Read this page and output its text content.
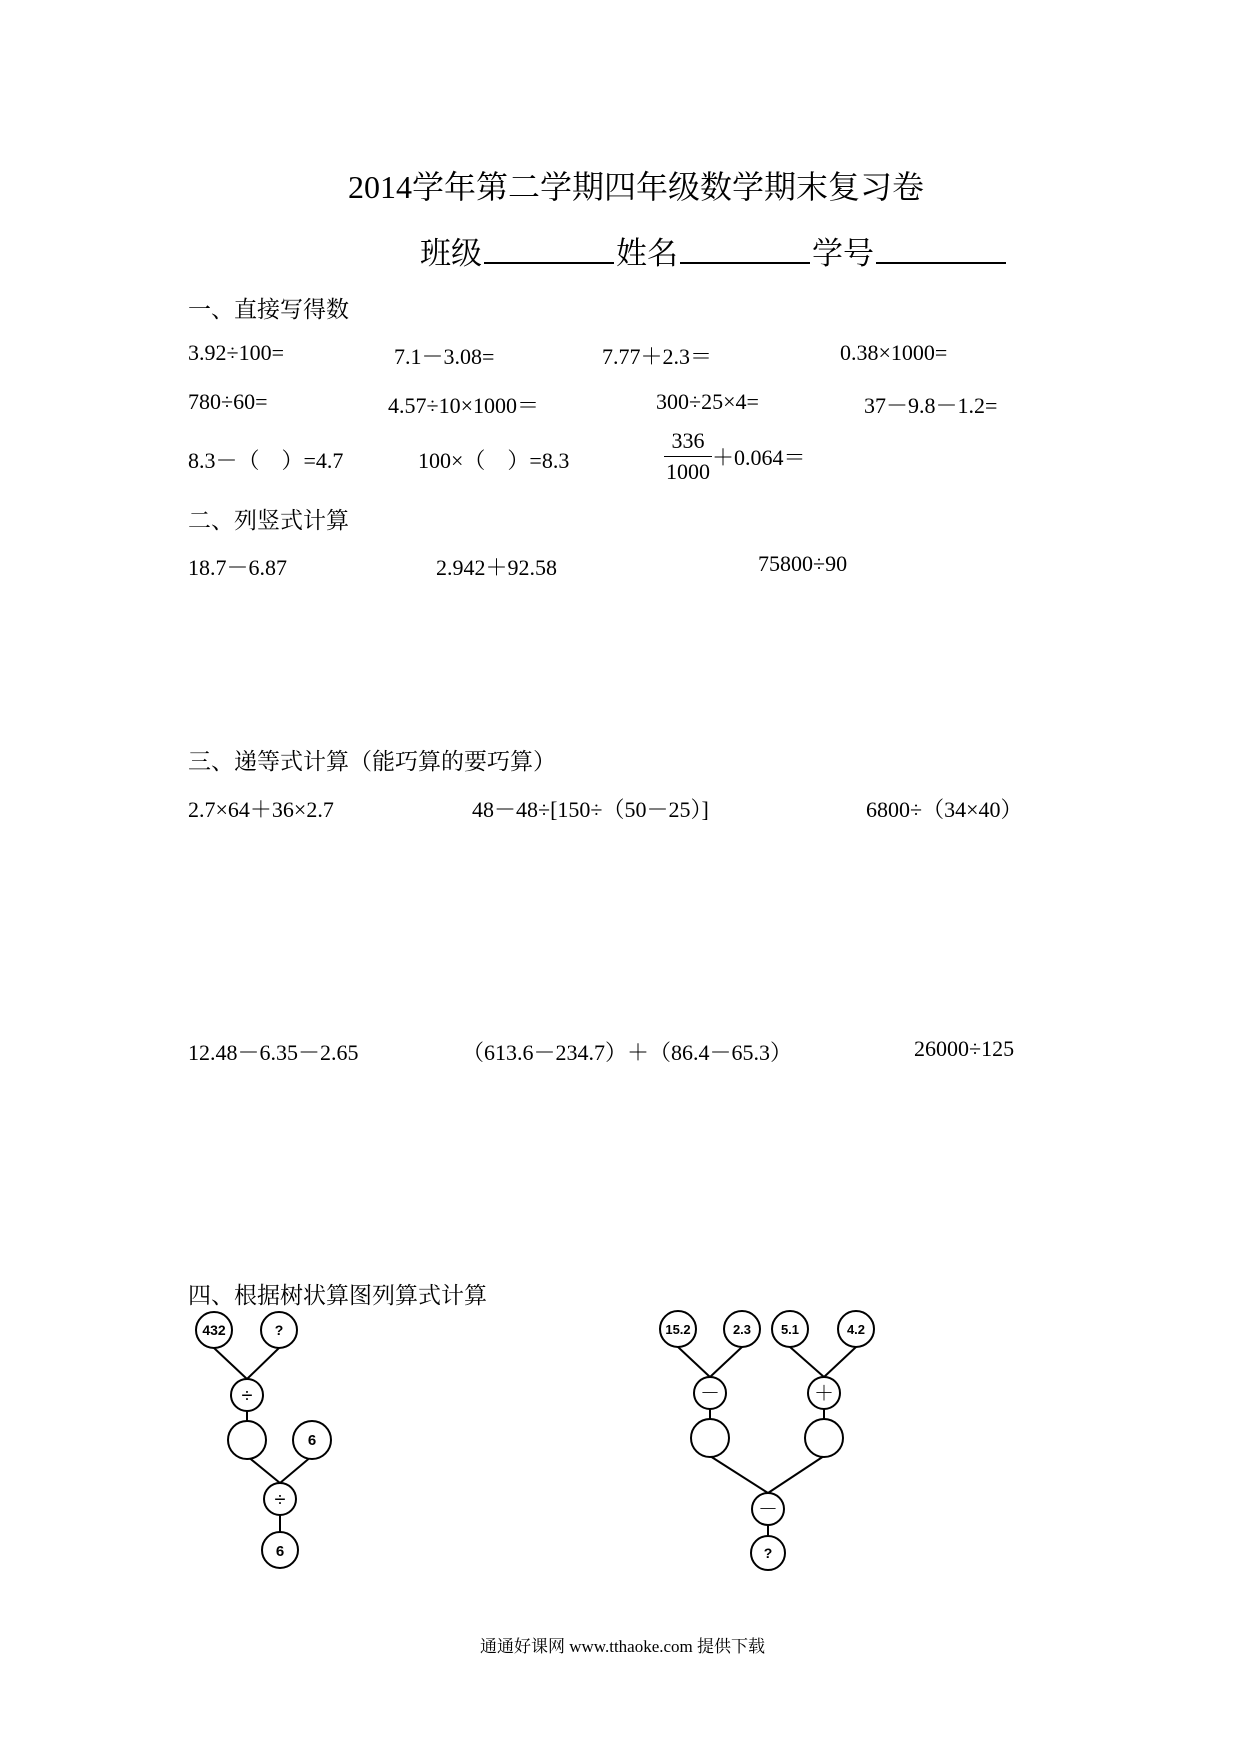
2014学年第二学期四年级数学期末复习卷
班级	姓名	学号
一、直接写得数
3.92÷100=	7.1－3.08=	7.77＋2.3＝	0.38×1000=
780÷60=	4.57÷10×1000＝	300÷25×4=	37－9.8－1.2=
8.3－（　）=4.7	100×（　）=8.3	$\frac{336}{1000} +0.064=$
二、列竖式计算
18.7－6.87	2.942＋92.58	75800÷90
三、递等式计算（能巧算的要巧算）
2.7×64＋36×2.7	48－48÷[150÷（50－25）]	6800÷（34×40）
12.48－6.35－2.65	（613.6－234.7）＋（86.4－65.3）	26000÷125
四、根据树状算图列算式计算
432	?
÷
6
÷
6
15.2	2.3 5.1	4.2
－	＋
－
?
通通好课网 www.tthaoke.com 提供下载
